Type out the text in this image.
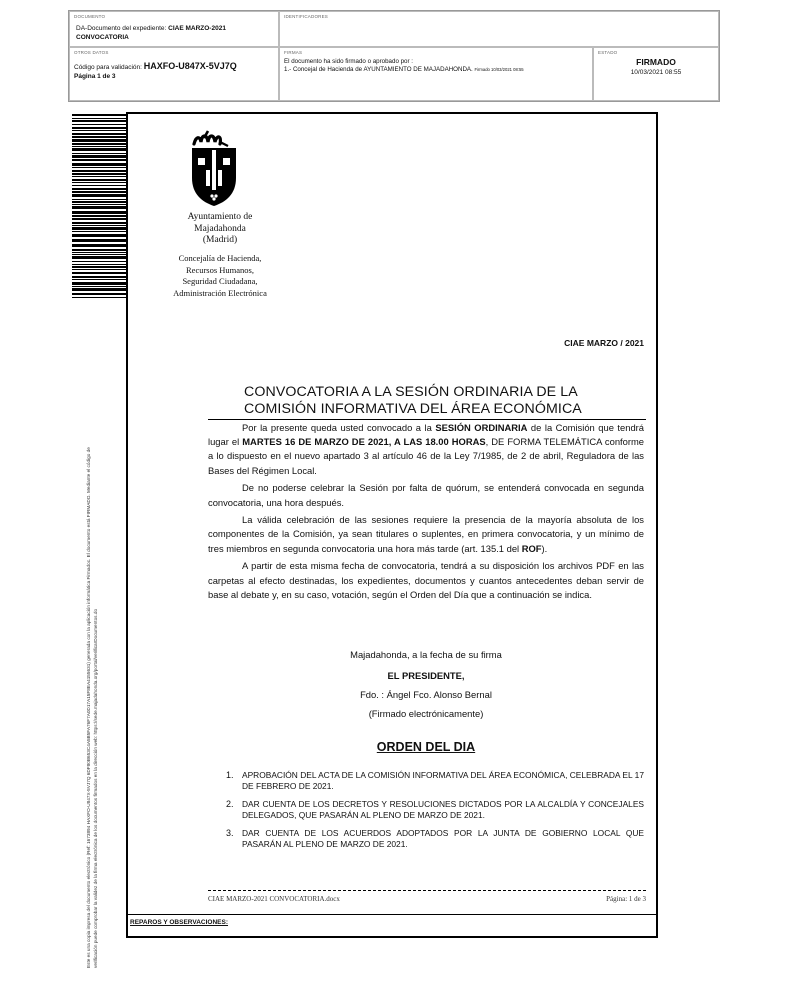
DOCUMENTO
DA-Documento del expediente: CIAE MARZO-2021
CONVOCATORIA
IDENTIFICADORES
OTROS DATOS
Código para validación: HAXFO-U847X-5VJ7Q
Página 1 de 3
FIRMAS
El documento ha sido firmado o aprobado por :
1.- Concejal de Hacienda de AYUNTAMIENTO DE MAJADAHONDA. Firmado 10/03/2021 08:55
ESTADO
FIRMADO
10/03/2021 08:55
Este es una copia impresa del documento electrónico (Ref: 1673894 HAXFO-U847X-5VJ7Q 6DF80B653C4A5B5FA76F7A0D17A15F8EA4155631) generada con la aplicación informática Firmadoc. El documento está FIRMADO. Mediante el código de verificación puede comprobar la validez de la firma electrónica de los documentos firmados en la dirección web: https://sede.majadahonda.org/portal/verificarDocumentos.do
Ayuntamiento de
Majadahonda
(Madrid)
Concejalía de Hacienda,
Recursos Humanos,
Seguridad Ciudadana,
Administración Electrónica
CIAE MARZO / 2021
CONVOCATORIA A LA SESIÓN ORDINARIA DE LA
COMISIÓN INFORMATIVA DEL ÁREA ECONÓMICA

Por la presente queda usted convocado a la SESIÓN ORDINARIA de la Comisión que tendrá lugar el MARTES 16 DE MARZO DE 2021, A LAS 18.00 HORAS, DE FORMA TELEMÁTICA conforme a lo dispuesto en el nuevo apartado 3 al artículo 46 de la Ley 7/1985, de 2 de abril, Reguladora de las Bases del Régimen Local.

De no poderse celebrar la Sesión por falta de quórum, se entenderá convocada en segunda convocatoria, una hora después.

La válida celebración de las sesiones requiere la presencia de la mayoría absoluta de los componentes de la Comisión, ya sean titulares o suplentes, en primera convocatoria, y un mínimo de tres miembros en segunda convocatoria una hora más tarde (art. 135.1 del ROF).

A partir de esta misma fecha de convocatoria, tendrá a su disposición los archivos PDF en las carpetas al efecto destinadas, los expedientes, documentos y cuantos antecedentes deban servir de base al debate y, en su caso, votación, según el Orden del Día que a continuación se indica.

Majadahonda, a la fecha de su firma
EL PRESIDENTE,
Fdo. : Ángel Fco. Alonso Bernal
(Firmado electrónicamente)
ORDEN DEL DIA
1. APROBACIÓN DEL ACTA DE LA COMISIÓN INFORMATIVA DEL ÁREA ECONÓMICA, CELEBRADA EL 17 DE FEBRERO DE 2021.
2. DAR CUENTA DE LOS DECRETOS Y RESOLUCIONES DICTADOS POR LA ALCALDÍA Y CONCEJALES DELEGADOS, QUE PASARÁN AL PLENO DE MARZO DE 2021.
3. DAR CUENTA DE LOS ACUERDOS ADOPTADOS POR LA JUNTA DE GOBIERNO LOCAL QUE PASARÁN AL PLENO DE MARZO DE 2021.
CIAE MARZO-2021 CONVOCATORIA.docx	Página: 1 de 3
REPAROS Y OBSERVACIONES:
